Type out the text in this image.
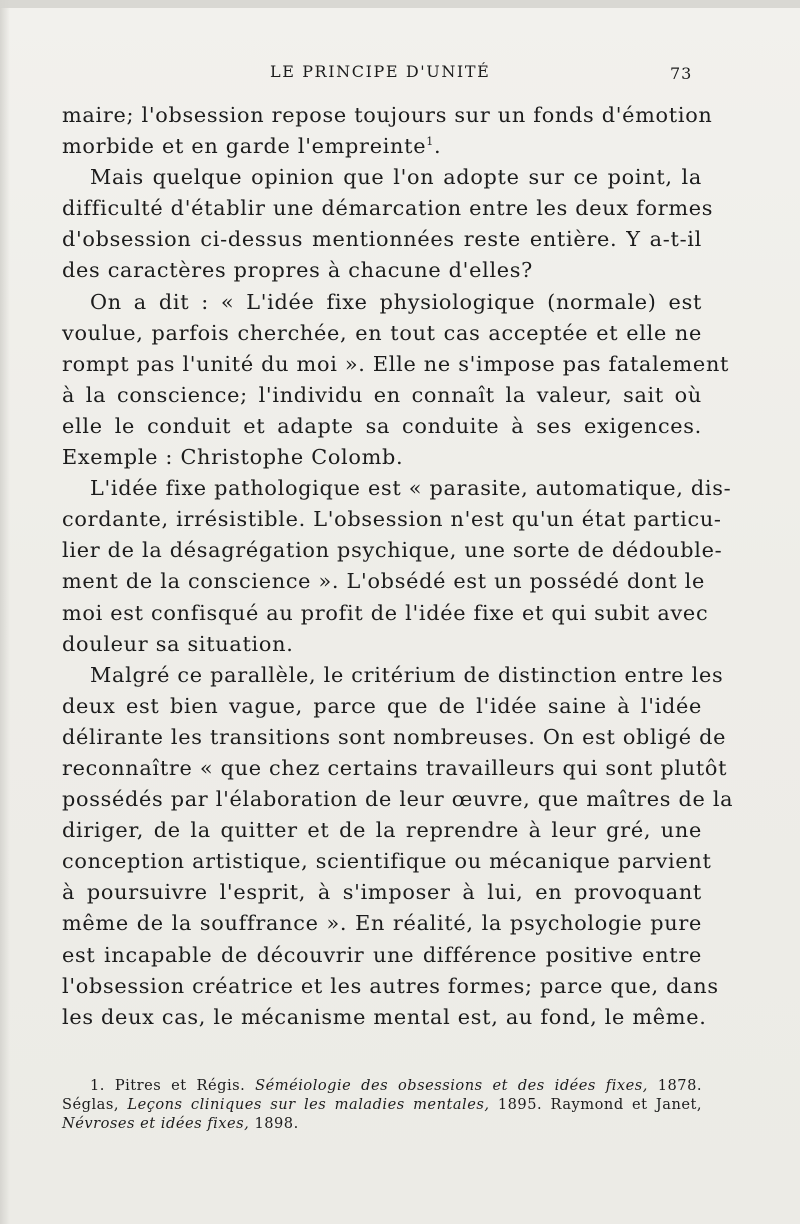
LE PRINCIPE D'UNITÉ	73

maire; l'obsession repose toujours sur un fonds d'émotion
morbide et en garde l'empreinte$^1$.

Mais quelque opinion que l'on adopte sur ce point, la
difficulté d'établir une démarcation entre les deux formes
d'obsession ci-dessus mentionnées reste entière. Y a-t-il
des caractères propres à chacune d'elles?

On a dit : « L'idée fixe physiologique (normale) est
voulue, parfois cherchée, en tout cas acceptée et elle ne
rompt pas l'unité du moi ». Elle ne s'impose pas fatalement
à la conscience; l'individu en connaît la valeur, sait où
elle le conduit et adapte sa conduite à ses exigences.
Exemple : Christophe Colomb.

L'idée fixe pathologique est « parasite, automatique, dis-
cordante, irrésistible. L'obsession n'est qu'un état particu-
lier de la désagrégation psychique, une sorte de dédouble-
ment de la conscience ». L'obsédé est un possédé dont le
moi est confisqué au profit de l'idée fixe et qui subit avec
douleur sa situation.

Malgré ce parallèle, le critérium de distinction entre les
deux est bien vague, parce que de l'idée saine à l'idée
délirante les transitions sont nombreuses. On est obligé de
reconnaître « que chez certains travailleurs qui sont plutôt
possédés par l'élaboration de leur œuvre, que maîtres de la
diriger, de la quitter et de la reprendre à leur gré, une
conception artistique, scientifique ou mécanique parvient
à poursuivre l'esprit, à s'imposer à lui, en provoquant
même de la souffrance ». En réalité, la psychologie pure
est incapable de découvrir une différence positive entre
l'obsession créatrice et les autres formes; parce que, dans
les deux cas, le mécanisme mental est, au fond, le même.

1. Pitres et Régis. Séméiologie des obsessions et des idées fixes, 1878.
Séglas, Leçons cliniques sur les maladies mentales, 1895. Raymond et Janet,
Névroses et idées fixes, 1898.
